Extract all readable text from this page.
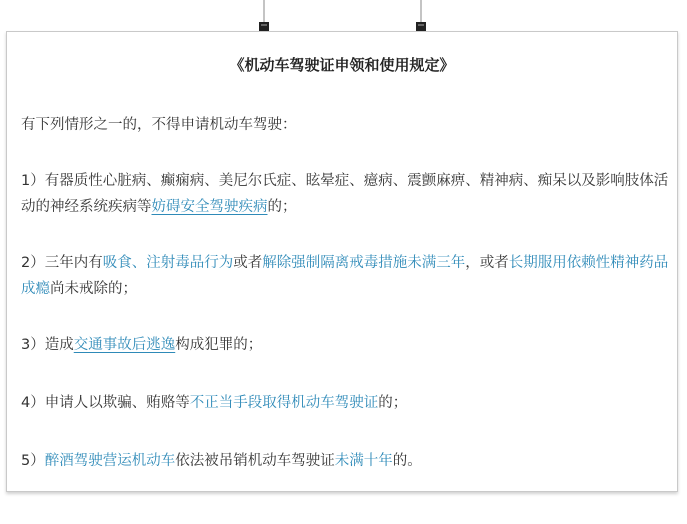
《机动车驾驶证申领和使用规定》

有下列情形之一的，不得申请机动车驾驶：

1）有器质性心脏病、癫痫病、美尼尔氏症、眩晕症、癔病、震颤麻痹、精神病、痴呆以及影响肢体活动的神经系统疾病等妨碍安全驾驶疾病的；

2）三年内有吸食、注射毒品行为或者解除强制隔离戒毒措施未满三年，或者长期服用依赖性精神药品成瘾尚未戒除的；

3）造成交通事故后逃逸构成犯罪的；

4）申请人以欺骗、贿赂等不正当手段取得机动车驾驶证的；

5）醉酒驾驶营运机动车依法被吊销机动车驾驶证未满十年的。
